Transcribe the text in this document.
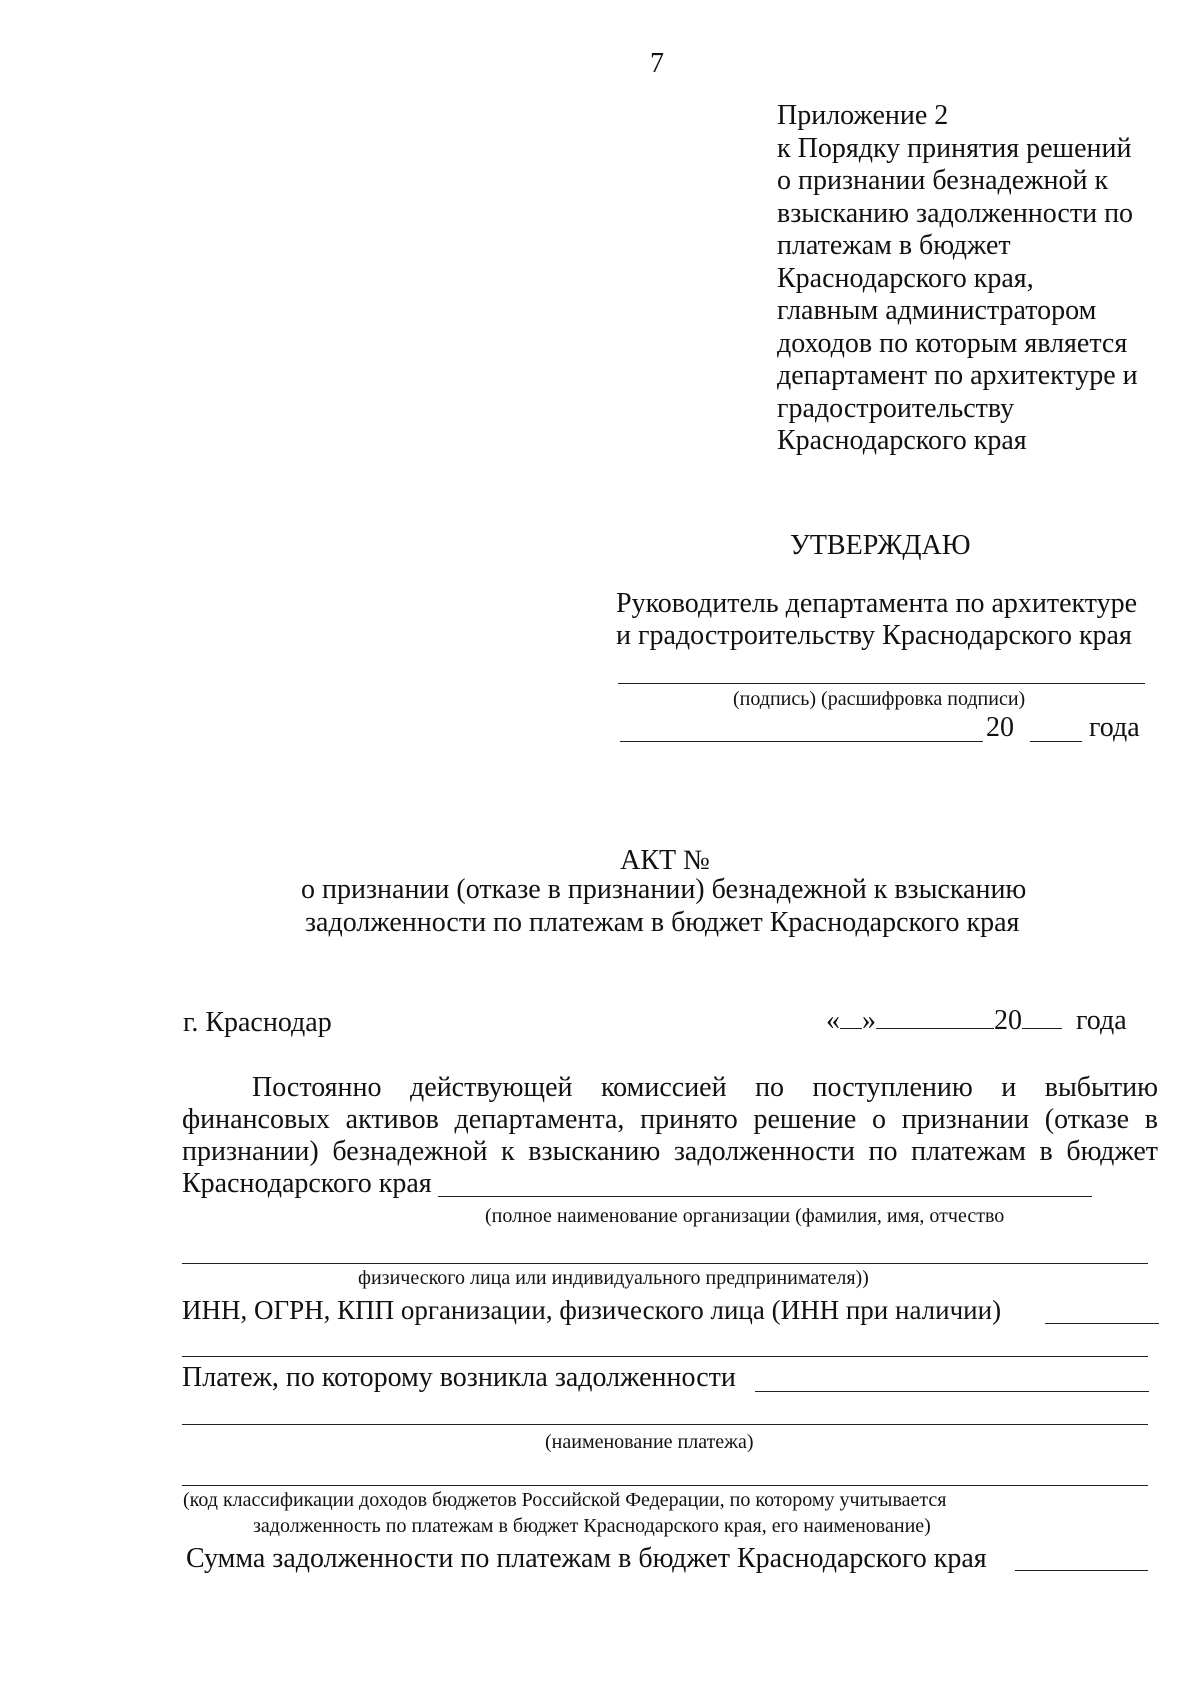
7
Приложение 2
к Порядку принятия решений
о признании безнадежной к
взысканию задолженности по
платежам в бюджет
Краснодарского края,
главным администратором
доходов по которым является
департамент по архитектуре и
градостроительству
Краснодарского края
УТВЕРЖДАЮ
Руководитель департамента по архитектуре
и градостроительству Краснодарского края
(подпись) (расшифровка подписи)
20	года
АКТ №
о признании (отказе в признании) безнадежной к взысканию
задолженности по платежам в бюджет Краснодарского края
г. Краснодар	« »	20 года
Постоянно действующей комиссией по поступлению и выбытию
финансовых активов департамента, принято решение о признании (отказе в
признании) безнадежной к взысканию задолженности по платежам в бюджет
Краснодарского края
(полное наименование организации (фамилия, имя, отчество
физического лица или индивидуального предпринимателя))
ИНН, ОГРН, КПП организации, физического лица (ИНН при наличии)
Платеж, по которому возникла задолженности
(наименование платежа)
(код классификации доходов бюджетов Российской Федерации, по которому учитывается
задолженность по платежам в бюджет Краснодарского края, его наименование)
Сумма задолженности по платежам в бюджет Краснодарского края
